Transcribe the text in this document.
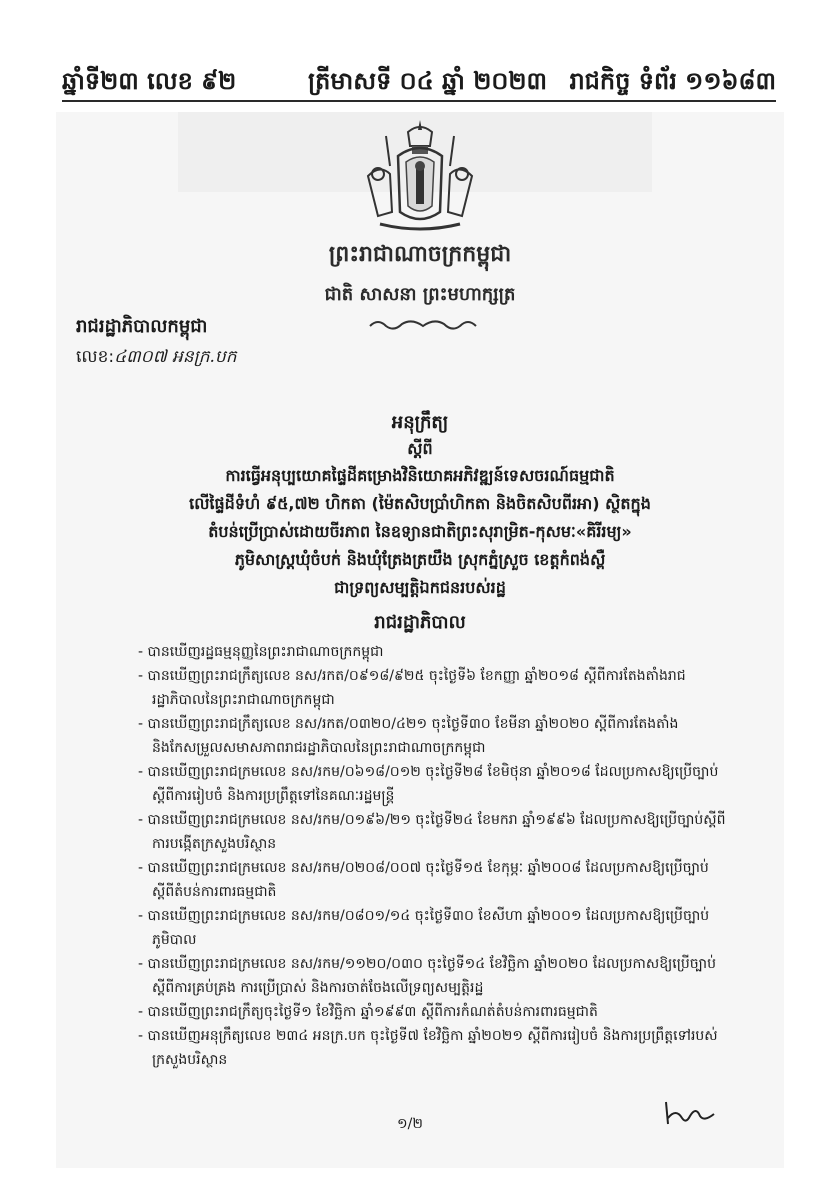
ឆ្នាំទី២៣ លេខ ៩២	ត្រីមាសទី ០៤ ឆ្នាំ ២០២៣ រាជកិច្ច ទំព័រ ១១៦៨៣
ព្រះរាជាណាចក្រកម្ពុជា
ជាតិ សាសនា ព្រះមហាក្សត្រ
រាជរដ្ឋាភិបាលកម្ពុជា
លេខ:៤៣០៧ អនក្រ.បក
អនុក្រឹត្យ
ស្តីពី
ការធ្វើអនុប្បយោគផ្ទៃដីគម្រោងវិនិយោគអភិវឌ្ឍន៍ទេសចរណ៍ធម្មជាតិ
លើផ្ទៃដីទំហំ ៩៥,៧២ ហិកតា (ម៉ៃតសិបប្រាំហិកតា និងចិតសិបពីរអា) ស្ថិតក្នុង
តំបន់ប្រើប្រាស់ដោយចីរភាព នៃឧទ្យានជាតិព្រះសុរាម្រិត-កុសមៈ«គិរីរម្យ»
ភូមិសាស្ត្រឃុំចំបក់ និងឃុំត្រែងត្រយឹង ស្រុកភ្នំស្រួច ខេត្តកំពង់ស្ពឺ
ជាទ្រព្យសម្បត្តិឯកជនរបស់រដ្ឋ
រាជរដ្ឋាភិបាល
- បានឃើញរដ្ឋធម្មនុញ្ញនៃព្រះរាជាណាចក្រកម្ពុជា
- បានឃើញព្រះរាជក្រឹត្យលេខ នស/រកត/០៩១៨/៩២៥ ចុះថ្ងៃទី៦ ខែកញ្ញា ឆ្នាំ២០១៨ ស្តីពីការតែងតាំងរាជរដ្ឋាភិបាលនៃព្រះរាជាណាចក្រកម្ពុជា
- បានឃើញព្រះរាជក្រឹត្យលេខ នស/រកត/០៣២០/៤២១ ចុះថ្ងៃទី៣០ ខែមីនា ឆ្នាំ២០២០ ស្តីពីការតែងតាំងនិងកែសម្រួលសមាសភាពរាជរដ្ឋាភិបាលនៃព្រះរាជាណាចក្រកម្ពុជា
- បានឃើញព្រះរាជក្រមលេខ នស/រកម/០៦១៨/០១២ ចុះថ្ងៃទី២៨ ខែមិថុនា ឆ្នាំ២០១៨ ដែលប្រកាសឱ្យប្រើច្បាប់ស្តីពីការរៀបចំ និងការប្រព្រឹត្តទៅនៃគណៈរដ្ឋមន្ត្រី
- បានឃើញព្រះរាជក្រមលេខ នស/រកម/០១៩៦/២១ ចុះថ្ងៃទី២៤ ខែមករា ឆ្នាំ១៩៩៦ ដែលប្រកាសឱ្យប្រើច្បាប់ស្តីពីការបង្កើតក្រសួងបរិស្ថាន
- បានឃើញព្រះរាជក្រមលេខ នស/រកម/០២០៨/០០៧ ចុះថ្ងៃទី១៥ ខែកុម្ភៈ ឆ្នាំ២០០៨ ដែលប្រកាសឱ្យប្រើច្បាប់ស្តីពីតំបន់ការពារធម្មជាតិ
- បានឃើញព្រះរាជក្រមលេខ នស/រកម/០៨០១/១៤ ចុះថ្ងៃទី៣០ ខែសីហា ឆ្នាំ២០០១ ដែលប្រកាសឱ្យប្រើច្បាប់ភូមិបាល
- បានឃើញព្រះរាជក្រមលេខ នស/រកម/១១២០/០៣០ ចុះថ្ងៃទី១៤ ខែវិច្ឆិកា ឆ្នាំ២០២០ ដែលប្រកាសឱ្យប្រើច្បាប់ស្តីពីការគ្រប់គ្រង ការប្រើប្រាស់ និងការចាត់ចែងលើទ្រព្យសម្បត្តិរដ្ឋ
- បានឃើញព្រះរាជក្រឹត្យចុះថ្ងៃទី១ ខែវិច្ឆិកា ឆ្នាំ១៩៩៣ ស្តីពីការកំណត់តំបន់ការពារធម្មជាតិ
- បានឃើញអនុក្រឹត្យលេខ ២៣៤ អនក្រ.បក ចុះថ្ងៃទី៧ ខែវិច្ឆិកា ឆ្នាំ២០២១ ស្តីពីការរៀបចំ និងការប្រព្រឹត្តទៅរបស់ក្រសួងបរិស្ថាន
១/២
